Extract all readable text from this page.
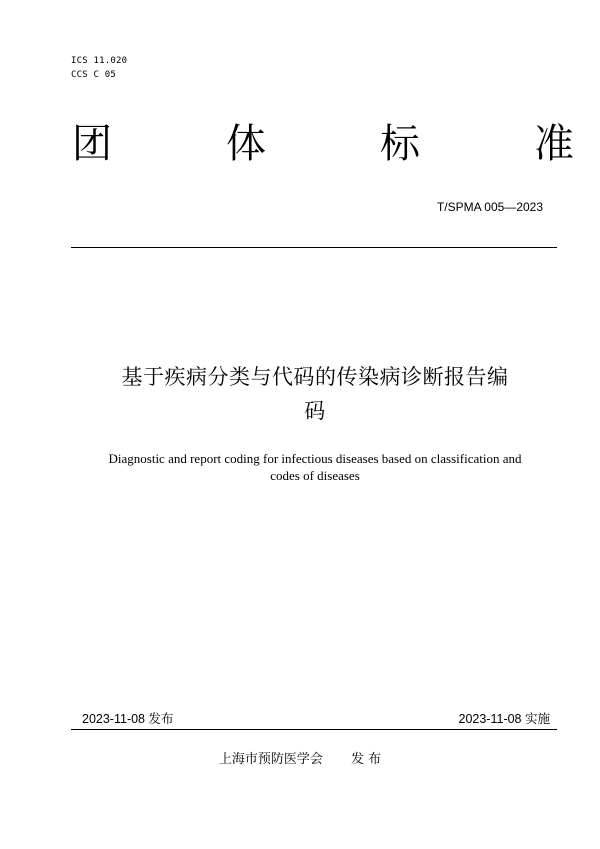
ICS 11.020
CCS C 05
团	体	标	准
T/SPMA 005—2023
基于疾病分类与代码的传染病诊断报告编
码
Diagnostic and report coding for infectious diseases based on classification and
codes of diseases
2023-11-08 发布	2023-11-08 实施
上海市预防医学会 发 布
